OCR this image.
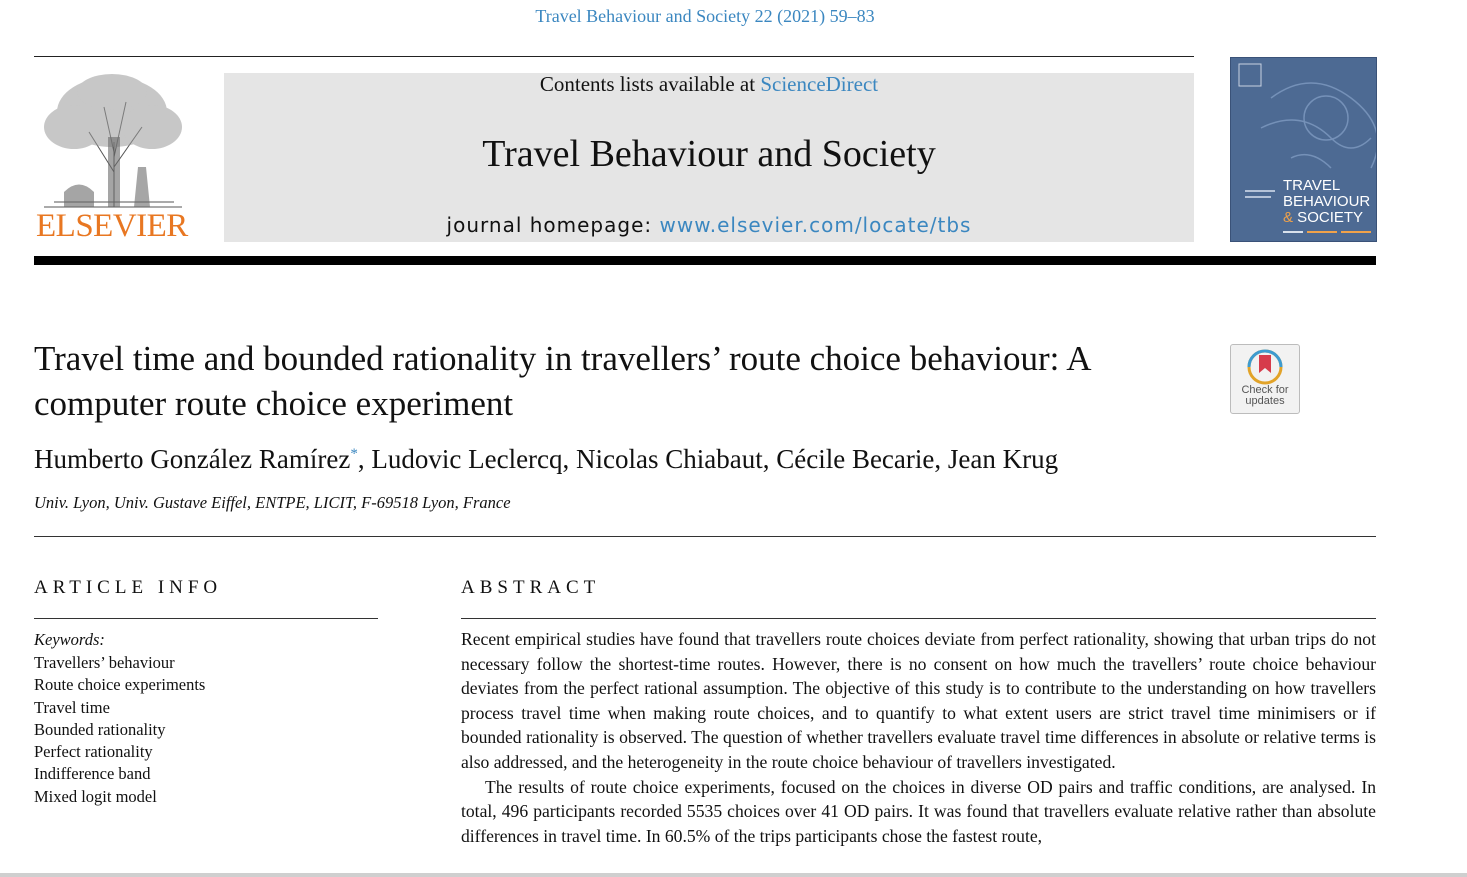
Travel Behaviour and Society 22 (2021) 59–83
ELSEVIER
Contents lists available at ScienceDirect
Travel Behaviour and Society
journal homepage: www.elsevier.com/locate/tbs
TRAVEL
BEHAVIOUR
& SOCIETY
Travel time and bounded rationality in travellers’ route choice behaviour: A computer route choice experiment	Check for
updates
Humberto González Ramírez*, Ludovic Leclercq, Nicolas Chiabaut, Cécile Becarie, Jean Krug
Univ. Lyon, Univ. Gustave Eiffel, ENTPE, LICIT, F-69518 Lyon, France
ARTICLE INFO
Keywords:
Travellers’ behaviour
Route choice experiments
Travel time
Bounded rationality
Perfect rationality
Indifference band
Mixed logit model
ABSTRACT

Recent empirical studies have found that travellers route choices deviate from perfect rationality, showing that urban trips do not necessary follow the shortest-time routes. However, there is no consent on how much the travellers’ route choice behaviour deviates from the perfect rational assumption. The objective of this study is to contribute to the understanding on how travellers process travel time when making route choices, and to quantify to what extent users are strict travel time minimisers or if bounded rationality is observed. The question of whether travellers evaluate travel time differences in absolute or relative terms is also addressed, and the heterogeneity in the route choice behaviour of travellers investigated.

The results of route choice experiments, focused on the choices in diverse OD pairs and traffic conditions, are analysed. In total, 496 participants recorded 5535 choices over 41 OD pairs. It was found that travellers evaluate relative rather than absolute differences in travel time. In 60.5% of the trips participants chose the fastest route,
